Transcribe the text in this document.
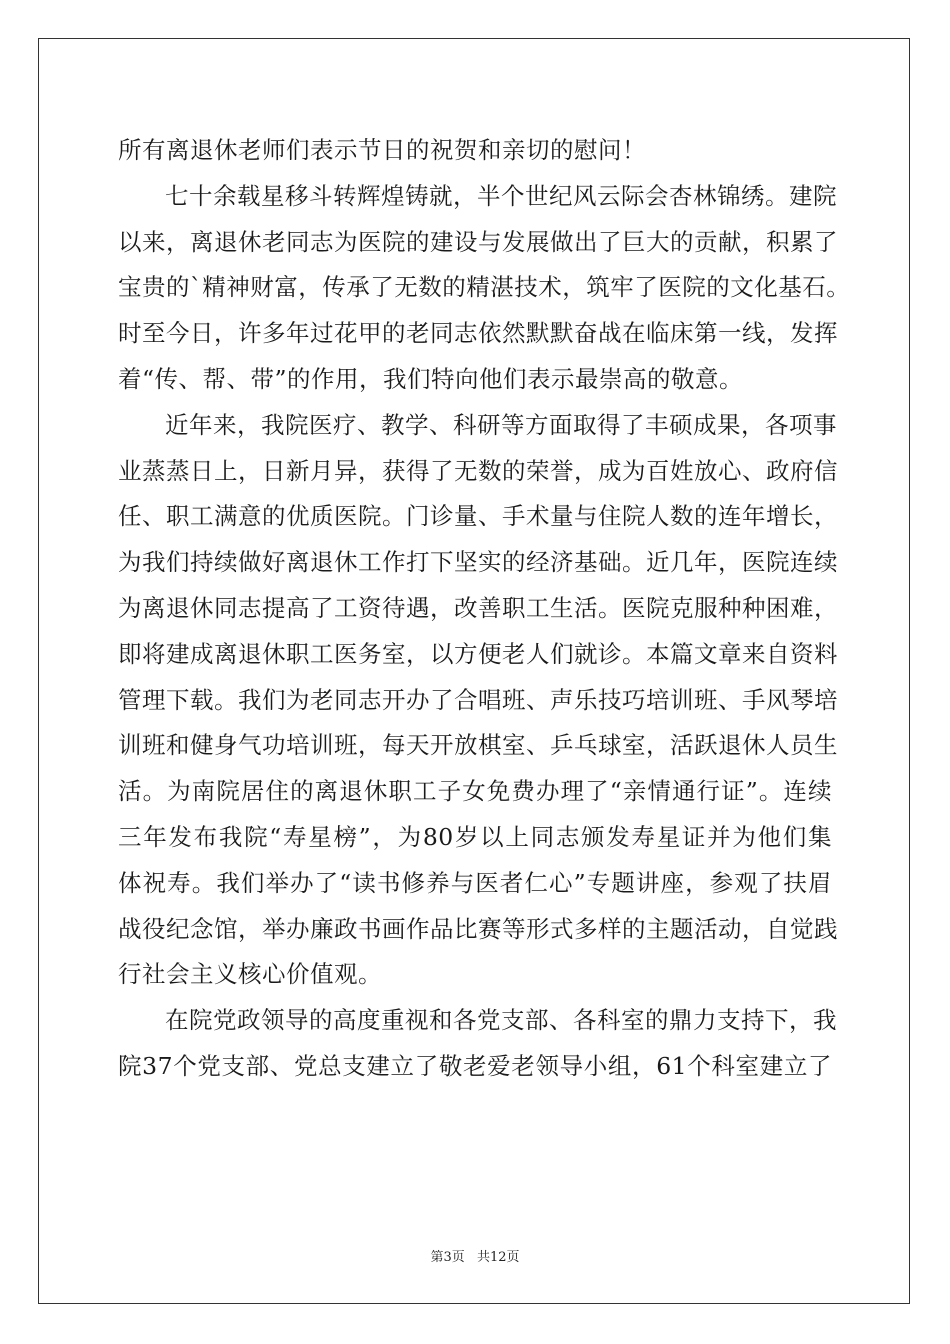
所有离退休老师们表示节日的祝贺和亲切的慰问！
七十余载星移斗转辉煌铸就，半个世纪风云际会杏林锦绣。建院
以来，离退休老同志为医院的建设与发展做出了巨大的贡献，积累了
宝贵的`精神财富，传承了无数的精湛技术，筑牢了医院的文化基石。
时至今日，许多年过花甲的老同志依然默默奋战在临床第一线，发挥
着“传、帮、带”的作用，我们特向他们表示最崇高的敬意。
近年来，我院医疗、教学、科研等方面取得了丰硕成果，各项事
业蒸蒸日上，日新月异，获得了无数的荣誉，成为百姓放心、政府信
任、职工满意的优质医院。门诊量、手术量与住院人数的连年增长，
为我们持续做好离退休工作打下坚实的经济基础。近几年，医院连续
为离退休同志提高了工资待遇，改善职工生活。医院克服种种困难，
即将建成离退休职工医务室，以方便老人们就诊。本篇文章来自资料
管理下载。我们为老同志开办了合唱班、声乐技巧培训班、手风琴培
训班和健身气功培训班，每天开放棋室、乒乓球室，活跃退休人员生
活。为南院居住的离退休职工子女免费办理了“亲情通行证”。连续
三年发布我院“寿星榜”，为80岁以上同志颁发寿星证并为他们集
体祝寿。我们举办了“读书修养与医者仁心”专题讲座，参观了扶眉
战役纪念馆，举办廉政书画作品比赛等形式多样的主题活动，自觉践
行社会主义核心价值观。
在院党政领导的高度重视和各党支部、各科室的鼎力支持下，我
院37个党支部、党总支建立了敬老爱老领导小组，61个科室建立了
第3页 共12页
